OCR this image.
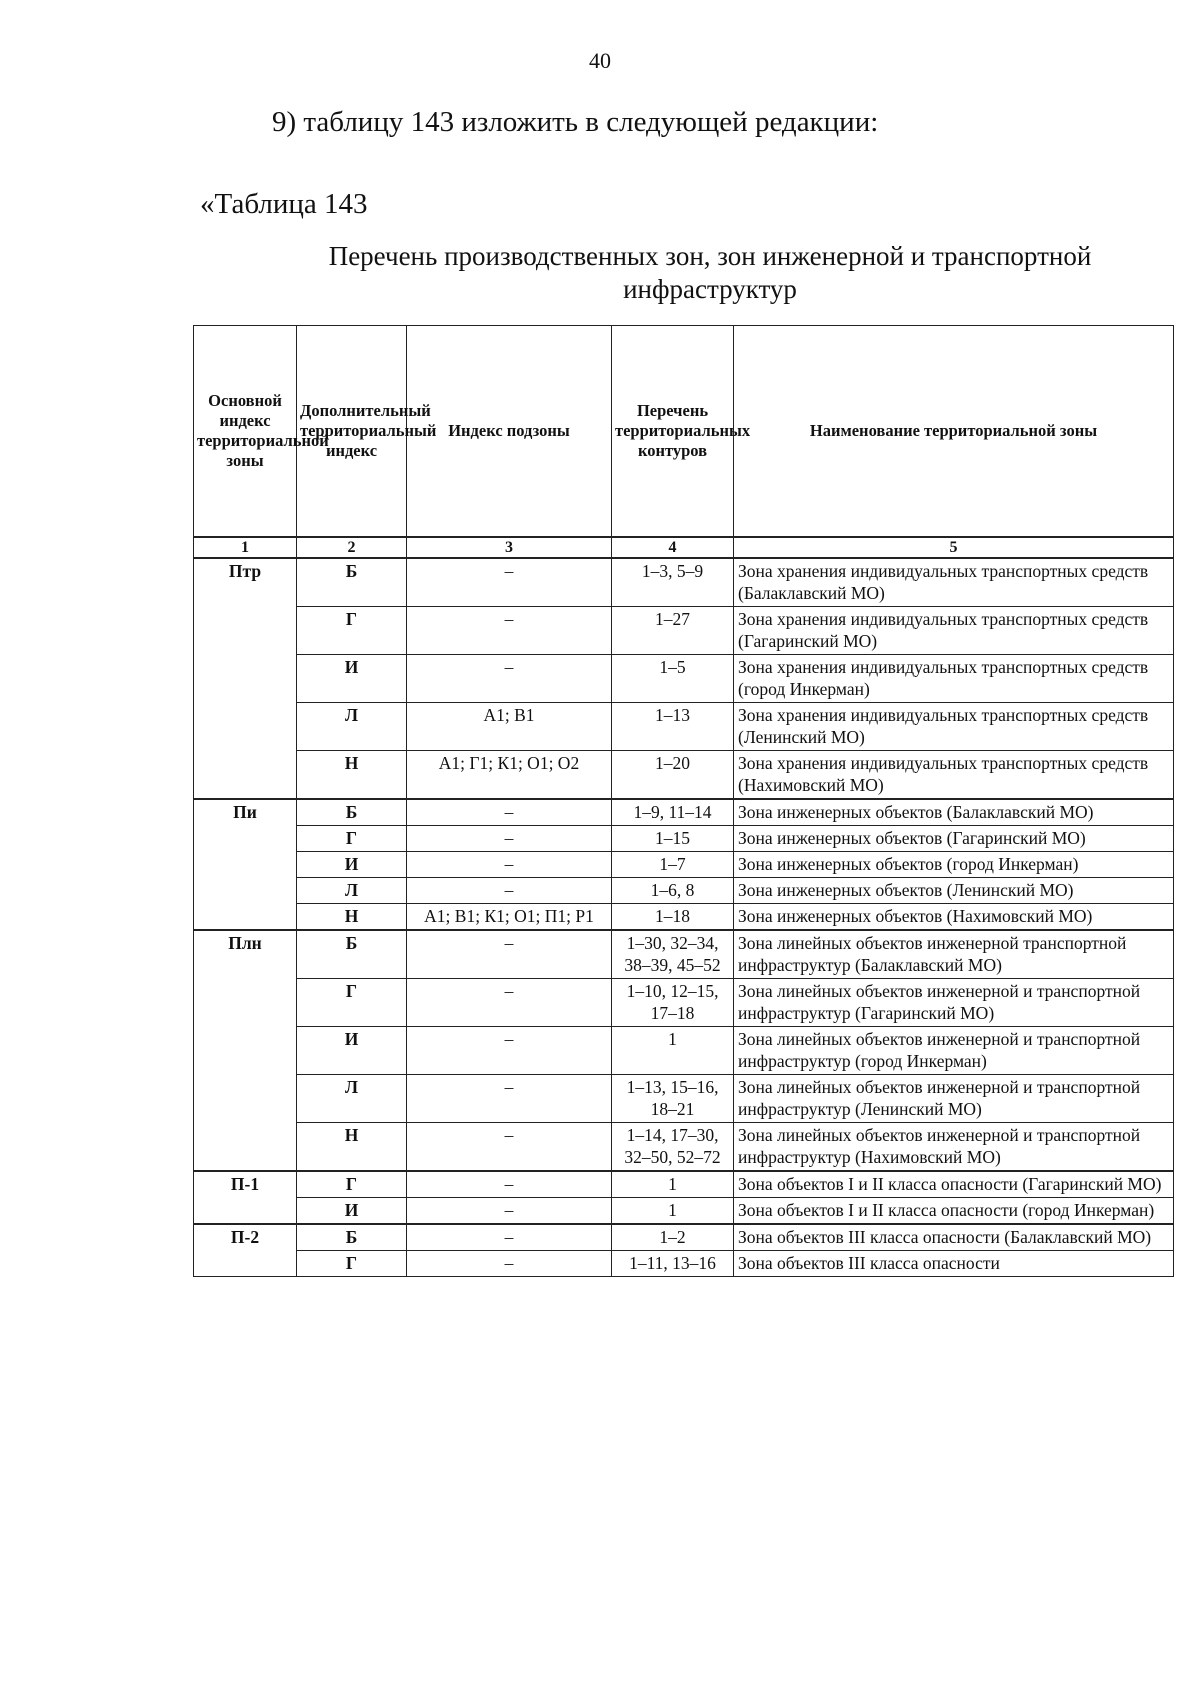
40
9) таблицу 143 изложить в следующей редакции:
«Таблица 143
Перечень производственных зон, зон инженерной и транспортной инфраструктур
Основной индекс территориальной зоны	Дополнительный территориальный индекс	Индекс подзоны	Перечень территориальных контуров	Наименование территориальной зоны
1	2	3	4	5
Птр	Б	–	1–3, 5–9	Зона хранения индивидуальных транспортных средств (Балаклавский МО)
	Г	–	1–27	Зона хранения индивидуальных транспортных средств (Гагаринский МО)
	И	–	1–5	Зона хранения индивидуальных транспортных средств (город Инкерман)
	Л	А1; В1	1–13	Зона хранения индивидуальных транспортных средств (Ленинский МО)
	Н	А1; Г1; К1; О1; О2	1–20	Зона хранения индивидуальных транспортных средств (Нахимовский МО)
Пи	Б	–	1–9, 11–14	Зона инженерных объектов (Балаклавский МО)
	Г	–	1–15	Зона инженерных объектов (Гагаринский МО)
	И	–	1–7	Зона инженерных объектов (город Инкерман)
	Л	–	1–6, 8	Зона инженерных объектов (Ленинский МО)
	Н	А1; В1; К1; О1; П1; Р1	1–18	Зона инженерных объектов (Нахимовский МО)
Плн	Б	–	1–30, 32–34, 38–39, 45–52	Зона линейных объектов инженерной транспортной инфраструктур (Балаклавский МО)
	Г	–	1–10, 12–15, 17–18	Зона линейных объектов инженерной и транспортной инфраструктур (Гагаринский МО)
	И	–	1	Зона линейных объектов инженерной и транспортной инфраструктур (город Инкерман)
	Л	–	1–13, 15–16, 18–21	Зона линейных объектов инженерной и транспортной инфраструктур (Ленинский МО)
	Н	–	1–14, 17–30, 32–50, 52–72	Зона линейных объектов инженерной и транспортной инфраструктур (Нахимовский МО)
П-1	Г	–	1	Зона объектов I и II класса опасности (Гагаринский МО)
	И	–	1	Зона объектов I и II класса опасности (город Инкерман)
П-2	Б	–	1–2	Зона объектов III класса опасности (Балаклавский МО)
	Г	–	1–11, 13–16	Зона объектов III класса опасности
